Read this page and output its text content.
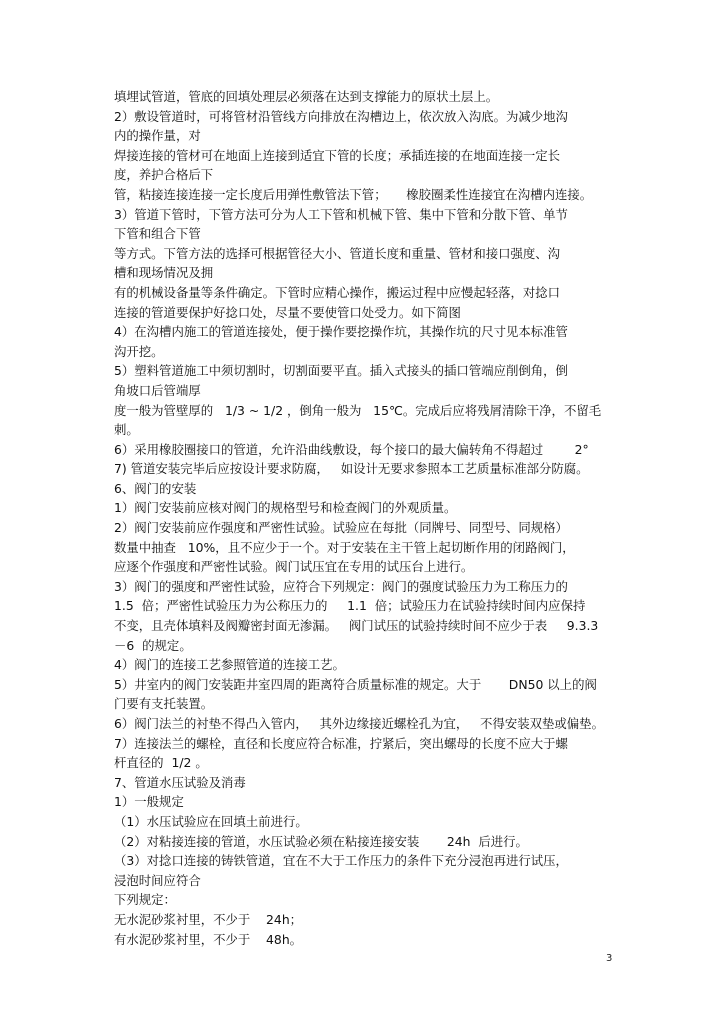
填埋试管道，管底的回填处理层必须落在达到支撑能力的原状土层上。
2）敷设管道时，可将管材沿管线方向排放在沟槽边上，依次放入沟底。为减少地沟
内的操作量，对
焊接连接的管材可在地面上连接到适宜下管的长度；承插连接的在地面连接一定长
度，养护合格后下
管，粘接连接连接一定长度后用弹性敷管法下管；     橡胶圈柔性连接宜在沟槽内连接。
3）管道下管时，下管方法可分为人工下管和机械下管、集中下管和分散下管、单节
下管和组合下管
等方式。下管方法的选择可根据管径大小、管道长度和重量、管材和接口强度、沟
槽和现场情况及拥
有的机械设备量等条件确定。下管时应精心操作，搬运过程中应慢起轻落，对捻口
连接的管道要保护好捻口处，尽量不要使管口处受力。如下简图
4）在沟槽内施工的管道连接处，便于操作要挖操作坑，其操作坑的尺寸见本标准管
沟开挖。
5）塑料管道施工中须切割时，切割面要平直。插入式接头的插口管端应削倒角，倒
角坡口后管端厚
度一般为管壁厚的   1/3 ~ 1/2 ，倒角一般为   15℃。完成后应将残屑清除干净，不留毛
刺。
6）采用橡胶圈接口的管道，允许沿曲线敷设，每个接口的最大偏转角不得超过        2°
7) 管道安装完毕后应按设计要求防腐，   如设计无要求参照本工艺质量标准部分防腐。
6、阀门的安装
1）阀门安装前应核对阀门的规格型号和检查阀门的外观质量。
2）阀门安装前应作强度和严密性试验。试验应在每批（同牌号、同型号、同规格）
数量中抽查   10%，且不应少于一个。对于安装在主干管上起切断作用的闭路阀门，
应逐个作强度和严密性试验。阀门试压宜在专用的试压台上进行。
3）阀门的强度和严密性试验，应符合下列规定：阀门的强度试验压力为工称压力的
1.5  倍；严密性试验压力为公称压力的     1.1  倍；试验压力在试验持续时间内应保持
不变，且壳体填料及阀瓣密封面无渗漏。   阀门试压的试验持续时间不应少于表     9.3.3
－6  的规定。
4）阀门的连接工艺参照管道的连接工艺。
5）井室内的阀门安装距井室四周的距离符合质量标准的规定。大于       DN50 以上的阀
门要有支托装置。
6）阀门法兰的衬垫不得凸入管内，   其外边缘接近螺栓孔为宜，   不得安装双垫或偏垫。
7）连接法兰的螺栓，直径和长度应符合标准，拧紧后，突出螺母的长度不应大于螺
杆直径的  1/2 。
7、管道水压试验及消毒
1）一般规定
（1）水压试验应在回填土前进行。
（2）对粘接连接的管道，水压试验必须在粘接连接安装       24h  后进行。
（3）对捻口连接的铸铁管道，宜在不大于工作压力的条件下充分浸泡再进行试压，
浸泡时间应符合
下列规定：
无水泥砂浆衬里，不少于    24h；
有水泥砂浆衬里，不少于    48h。
3
